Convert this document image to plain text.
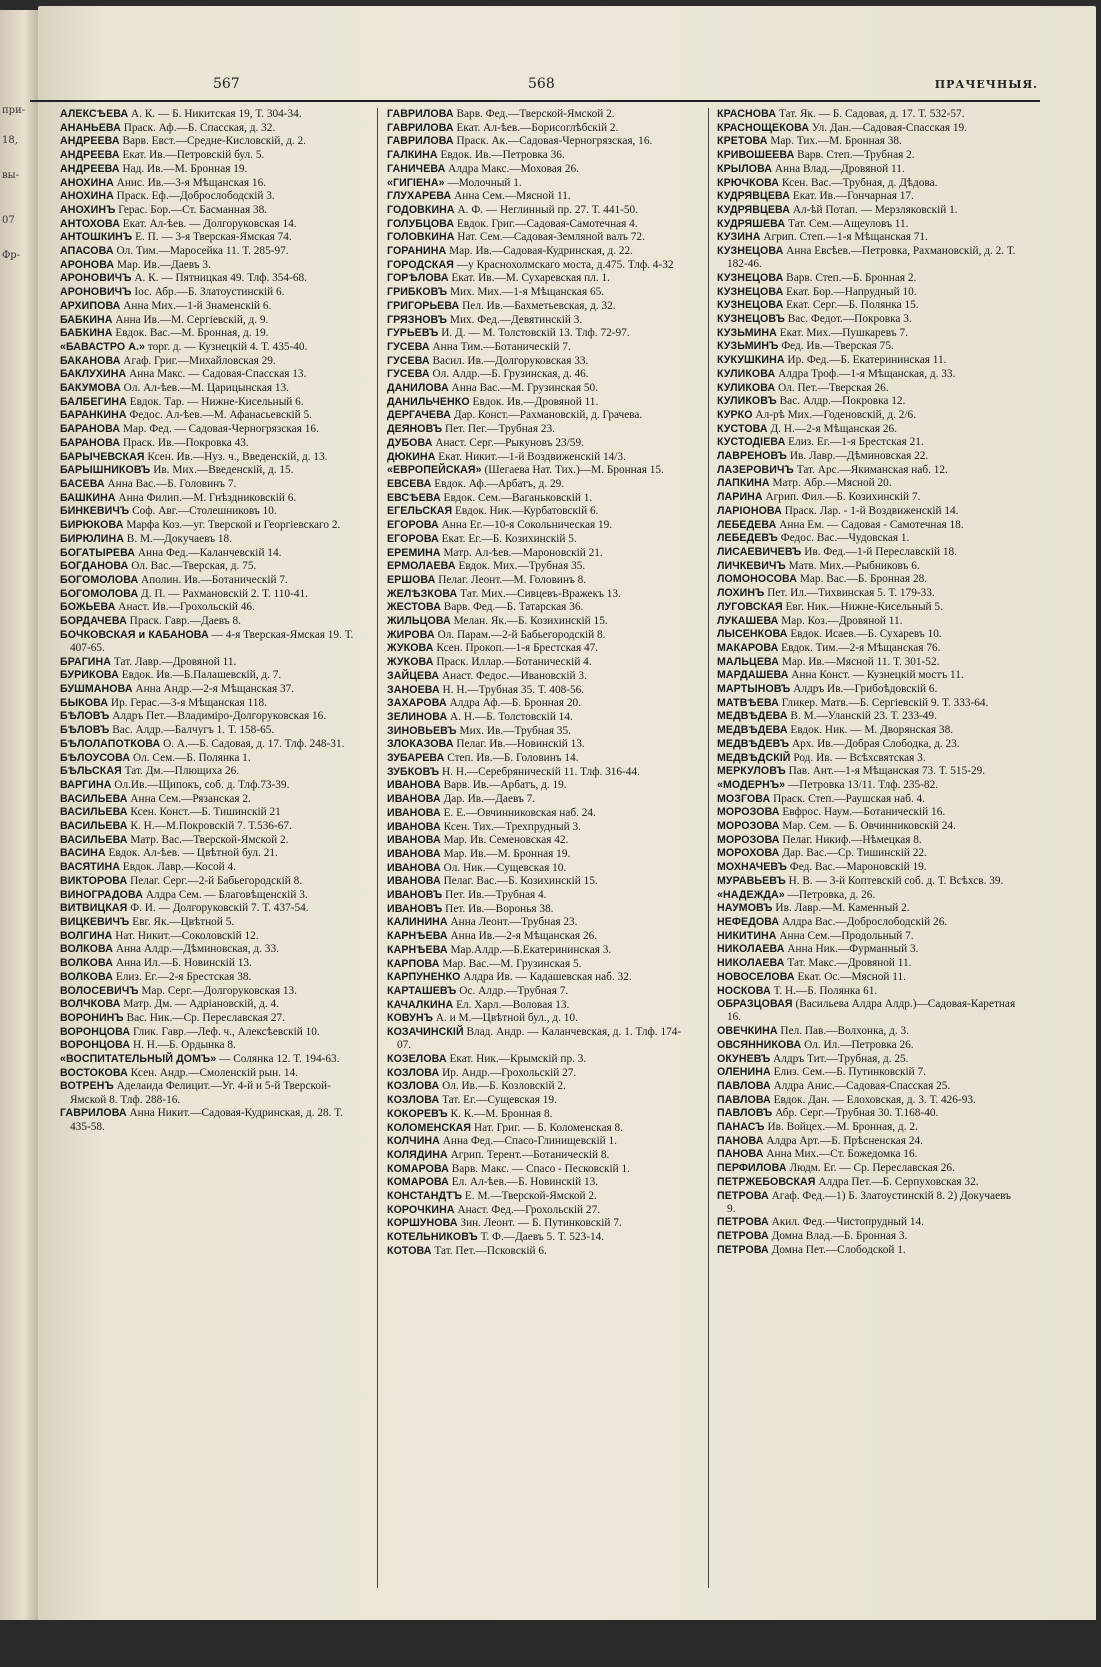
при-
18,
вы-
07
Фр-
567	568	ПРАЧЕЧНЫЯ.
АЛЕКСѢЕВА А. К. — Б. Никитская 19, Т. 304-34.
АНАНЬЕВА Праск. Аф.—Б. Спасская, д. 32.
АНДРЕЕВА Варв. Евст.—Средне-Кисловскій, д. 2.
АНДРЕЕВА Екат. Ив.—Петровскій бул. 5.
АНДРЕЕВА Над. Ив.—М. Бронная 19.
АНОХИНА Анис. Ив.—3-я Мѣщанская 16.
АНОХИНА Праск. Еф.—Доброслободскій 3.
АНОХИНЪ Герас. Бор.—Ст. Басманная 38.
АНТОХОВА Екат. Ал-ѣев. — Долгоруковская 14.
АНТОШКИНЪ Е. П. — 3-я Тверская-Ямская 74.
АПАСОВА Ол. Тим.—Маросейка 11. Т. 285-97.
АРОНОВА Мар. Ив.—Даевъ 3.
АРОНОВИЧЪ А. К. — Пятницкая 49. Тлф. 354-68.
АРОНОВИЧЪ Іос. Абр.—Б. Златоустинскій 6.
АРХИПОВА Анна Мих.—1-й Знаменскій 6.
БАБКИНА Анна Ив.—М. Сергіевскій, д. 9.
БАБКИНА Евдок. Вас.—М. Бронная, д. 19.
«БАВАСТРО А.» торг. д. — Кузнецкій 4. Т. 435-40.
БАКАНОВА Агаф. Григ.—Михайловская 29.
БАКЛУХИНА Анна Макс. — Садовая-Спасская 13.
БАКУМОВА Ол. Ал-ѣев.—М. Царицынская 13.
БАЛБЕГИНА Евдок. Тар. — Нижне-Кисельный 6.
БАРАНКИНА Федос. Ал-ѣев.—М. Афанасьевскій 5.
БАРАНОВА Мар. Фед. — Садовая-Черногрязская 16.
БАРАНОВА Праск. Ив.—Покровка 43.
БАРЫЧЕВСКАЯ Ксен. Ив.—Нуз. ч., Введенскій, д. 13.
БАРЫШНИКОВЪ Ив. Мих.—Введенскій, д. 15.
БАСЕВА Анна Вас.—Б. Головинъ 7.
БАШКИНА Анна Филип.—М. Гнѣздниковскій 6.
БИНКЕВИЧЪ Соф. Авг.—Столешниковъ 10.
БИРЮКОВА Марфа Коз.—уг. Тверской и Георгіевскаго 2.
БИРЮЛИНА В. М.—Докучаевъ 18.
БОГАТЫРЕВА Анна Фед.—Каланчевскій 14.
БОГДАНОВА Ол. Вас.—Тверская, д. 75.
БОГОМОЛОВА Аполин. Ив.—Ботаническій 7.
БОГОМОЛОВА Д. П. — Рахмановскій 2. Т. 110-41.
БОЖЬЕВА Анаст. Ив.—Грохольскій 46.
БОРДАЧЕВА Праск. Гавр.—Даевъ 8.
БОЧКОВСКАЯ и КАБАНОВА — 4-я Тверская-Ямская 19. Т. 407-65.
БРАГИНА Тат. Лавр.—Дровяной 11.
БУРИКОВА Евдок. Ив.—Б.Палашевскій, д. 7.
БУШМАНОВА Анна Андр.—2-я Мѣщанская 37.
БЫКОВА Ир. Герас.—3-я Мѣщанская 118.
БѢЛОВЪ Алдръ Пет.—Владиміро-Долгоруковская 16.
БѢЛОВЪ Вас. Алдр.—Балчугъ 1. Т. 158-65.
БѢЛОЛАПОТКОВА О. А.—Б. Садовая, д. 17. Тлф. 248-31.
БѢЛОУСОВА Ол. Сем.—Б. Полянка 1.
БѢЛЬСКАЯ Тат. Дм.—Плющиха 26.
ВАРГИНА Ол.Ив.—Щипокъ, соб. д. Тлф.73-39.
ВАСИЛЬЕВА Анна Сем.—Рязанская 2.
ВАСИЛЬЕВА Ксен. Конст.—Б. Тишинскій 21
ВАСИЛЬЕВА К. Н.—М.Покровскій 7. Т.536-67.
ВАСИЛЬЕВА Матр. Вас.—Тверской-Ямской 2.
ВАСИНА Евдок. Ал-ѣев. — Цвѣтной бул. 21.
ВАСЯТИНА Евдок. Лавр.—Косой 4.
ВИКТОРОВА Пелаг. Серг.—2-й Бабьегородскій 8.
ВИНОГРАДОВА Алдра Сем. — Благовѣщенскій 3.
ВИТВИЦКАЯ Ф. И. — Долгоруковскій 7. Т. 437-54.
ВИЦКЕВИЧЪ Евг. Як.—Цвѣтной 5.
ВОЛГИНА Нат. Никит.—Соколовскій 12.
ВОЛКОВА Анна Алдр.—Дѣминовская, д. 33.
ВОЛКОВА Анна Ил.—Б. Новинскій 13.
ВОЛКОВА Елиз. Ег.—2-я Брестская 38.
ВОЛОСЕВИЧЪ Мар. Серг.—Долгоруковская 13.
ВОЛЧКОВА Матр. Дм. — Адріановскій, д. 4.
ВОРОНИНЪ Вас. Ник.—Ср. Переславская 27.
ВОРОНЦОВА Глик. Гавр.—Леф. ч., Алексѣевскій 10.
ВОРОНЦОВА Н. Н.—Б. Ордынка 8.
«ВОСПИТАТЕЛЬНЫЙ ДОМЪ» — Солянка 12. Т. 194-63.
ВОСТОКОВА Ксен. Андр.—Смоленскій рын. 14.
ВОТРЕНЪ Аделаида Фелицит.—Уг. 4-й и 5-й Тверской-Ямской 8. Тлф. 288-16.
ГАВРИЛОВА Анна Никит.—Садовая-Кудринская, д. 28. Т. 435-58.
ГАВРИЛОВА Варв. Фед.—Тверской-Ямской 2.
ГАВРИЛОВА Екат. Ал-ѣев.—Борисоглѣбскій 2.
ГАВРИЛОВА Праск. Ак.—Садовая-Черногрязская, 16.
ГАЛКИНА Евдок. Ив.—Петровка 36.
ГАНИЧЕВА Алдра Макс.—Моховая 26.
«ГИГІЕНА» —Молочный 1.
ГЛУХАРЕВА Анна Сем.—Мясной 11.
ГОДОВКИНА А. Ф. — Неглинный пр. 27. Т. 441-50.
ГОЛУБЦОВА Евдок. Григ.—Садовая-Самотечная 4.
ГОЛОВКИНА Нат. Сем.—Садовая-Земляной валъ 72.
ГОРАНИНА Мар. Ив.—Садовая-Кудринская, д. 22.
ГОРОДСКАЯ —у Краснохолмскаго моста, д.475. Тлф. 4-32
ГОРѢЛОВА Екат. Ив.—М. Сухаревская пл. 1.
ГРИБКОВЪ Мих. Мих.—1-я Мѣщанская 65.
ГРИГОРЬЕВА Пел. Ив.—Бахметьевская, д. 32.
ГРЯЗНОВЪ Мих. Фед.—Девятинскій 3.
ГУРЬЕВЪ И. Д. — М. Толстовскій 13. Тлф. 72-97.
ГУСЕВА Анна Тим.—Ботаническій 7.
ГУСЕВА Васил. Ив.—Долгоруковская 33.
ГУСЕВА Ол. Алдр.—Б. Грузинская, д. 46.
ДАНИЛОВА Анна Вас.—М. Грузинская 50.
ДАНИЛЬЧЕНКО Евдок. Ив.—Дровяной 11.
ДЕРГАЧЕВА Дар. Конст.—Рахмановскій, д. Грачева.
ДЕЯНОВЪ Пет. Пег.—Трубная 23.
ДУБОВА Анаст. Серг.—Рыкуновъ 23/59.
ДЮКИНА Екат. Никит.—1-й Воздвиженскій 14/3.
«ЕВРОПЕЙСКАЯ» (Шегаева Нат. Тих.)—М. Бронная 15.
ЕВСЕВА Евдок. Аф.—Арбатъ, д. 29.
ЕВСѢЕВА Евдок. Сем.—Ваганьковскій 1.
ЕГЕЛЬСКАЯ Евдок. Ник.—Курбатовскій 6.
ЕГОРОВА Анна Ег.—10-я Сокольническая 19.
ЕГОРОВА Екат. Ег.—Б. Козихинскій 5.
ЕРЕМИНА Матр. Ал-ѣев.—Мароновскій 21.
ЕРМОЛАЕВА Евдок. Мих.—Трубная 35.
ЕРШОВА Пелаг. Леонт.—М. Головинъ 8.
ЖЕЛѢЗКОВА Тат. Мих.—Сивцевъ-Вражекъ 13.
ЖЕСТОВА Варв. Фед.—Б. Татарская 36.
ЖИЛЬЦОВА Мелан. Як.—Б. Козихинскій 15.
ЖИРОВА Ол. Парам.—2-й Бабьегородскій 8.
ЖУКОВА Ксен. Прокоп.—1-я Брестская 47.
ЖУКОВА Праск. Иллар.—Ботаническій 4.
ЗАЙЦЕВА Анаст. Федос.—Ивановскій 3.
ЗАНОЕВА Н. Н.—Трубная 35. Т. 408-56.
ЗАХАРОВА Алдра Аф.—Б. Бронная 20.
ЗЕЛИНОВА А. Н.—Б. Толстовскій 14.
ЗИНОВЬЕВЪ Мих. Ив.—Трубная 35.
ЗЛОКАЗОВА Пелаг. Ив.—Новинскій 13.
ЗУБАРЕВА Степ. Ив.—Б. Головинъ 14.
ЗУБКОВЪ Н. Н.—Серебряническій 11. Тлф. 316-44.
ИВАНОВА Варв. Ив.—Арбатъ, д. 19.
ИВАНОВА Дар. Ив.—Даевъ 7.
ИВАНОВА Е. Е.—Овчинниковская наб. 24.
ИВАНОВА Ксен. Тих.—Трехпрудный 3.
ИВАНОВА Мар. Ив. Семеновская 42.
ИВАНОВА Мар. Ив.—М. Бронная 19.
ИВАНОВА Ол. Ник.—Сущевская 10.
ИВАНОВА Пелаг. Вас.—Б. Козихинскій 15.
ИВАНОВЪ Пет. Ив.—Трубная 4.
ИВАНОВЪ Пет. Ив.—Воронья 38.
КАЛИНИНА Анна Леонт.—Трубная 23.
КАРНѢЕВА Анна Ив.—2-я Мѣщанская 26.
КАРНѢЕВА Мар.Алдр.—Б.Екатерининская 3.
КАРПОВА Мар. Вас.—М. Грузинская 5.
КАРПУНЕНКО Алдра Ив. — Кадашевская наб. 32.
КАРТАШЕВЪ Ос. Алдр.—Трубная 7.
КАЧАЛКИНА Ел. Харл.—Воловая 13.
КОВУНЪ А. и М.—Цвѣтной бул., д. 10.
КОЗАЧИНСКІЙ Влад. Андр. — Каланчевская, д. 1. Тлф. 174-07.
КОЗЕЛОВА Екат. Ник.—Крымскій пр. 3.
КОЗЛОВА Ир. Андр.—Грохольскій 27.
КОЗЛОВА Ол. Ив.—Б. Козловскій 2.
КОЗЛОВА Тат. Ег.—Сущевская 19.
КОКОРЕВЪ К. К.—М. Бронная 8.
КОЛОМЕНСКАЯ Нат. Григ. — Б. Коломенская 8.
КОЛЧИНА Анна Фед.—Спасо-Глинищевскій 1.
КОЛЯДИНА Агрип. Терент.—Ботаническій 8.
КОМАРОВА Варв. Макс. — Спасо - Песковскій 1.
КОМАРОВА Ел. Ал-ѣев.—Б. Новинскій 13.
КОНСТАНДТЪ Е. М.—Тверской-Ямской 2.
КОРОЧКИНА Анаст. Фед.—Грохольскій 27.
КОРШУНОВА Зин. Леонт. — Б. Путинковскій 7.
КОТЕЛЬНИКОВЪ Т. Ф.—Даевъ 5. Т. 523-14.
КОТОВА Тат. Пет.—Псковскій 6.
КРАСНОВА Тат. Як. — Б. Садовая, д. 17. Т. 532-57.
КРАСНОЩЕКОВА Ул. Дан.—Садовая-Спасская 19.
КРЕТОВА Мар. Тих.—М. Бронная 38.
КРИВОШЕЕВА Варв. Степ.—Трубная 2.
КРЫЛОВА Анна Влад.—Дровяной 11.
КРЮЧКОВА Ксен. Вас.—Трубная, д. Дѣдова.
КУДРЯВЦЕВА Екат. Ив.—Гончарная 17.
КУДРЯВЦЕВА Ал-ѣй Потап. — Мерзляковскій 1.
КУДРЯШЕВА Тат. Сем.—Ащеуловъ 11.
КУЗИНА Агрип. Степ.—1-я Мѣщанская 71.
КУЗНЕЦОВА Анна Евсѣев.—Петровка, Рахмановскій, д. 2. Т. 182-46.
КУЗНЕЦОВА Варв. Степ.—Б. Бронная 2.
КУЗНЕЦОВА Екат. Бор.—Напрудный 10.
КУЗНЕЦОВА Екат. Серг.—Б. Полянка 15.
КУЗНЕЦОВЪ Вас. Федот.—Покровка 3.
КУЗЬМИНА Екат. Мих.—Пушкаревъ 7.
КУЗЬМИНЪ Фед. Ив.—Тверская 75.
КУКУШКИНА Ир. Фед.—Б. Екатерининская 11.
КУЛИКОВА Алдра Троф.—1-я Мѣщанская, д. 33.
КУЛИКОВА Ол. Пет.—Тверская 26.
КУЛИКОВЪ Вас. Алдр.—Покровка 12.
КУРКО Ал-рѣ Мих.—Годеновскій, д. 2/6.
КУСТОВА Д. Н.—2-я Мѣщанская 26.
КУСТОДІЕВА Елиз. Ег.—1-я Брестская 21.
ЛАВРЕНОВЪ Ив. Лавр.—Дѣминовская 22.
ЛАЗЕРОВИЧЪ Тат. Арс.—Якиманская наб. 12.
ЛАПКИНА Матр. Абр.—Мясной 20.
ЛАРИНА Агрип. Фил.—Б. Козихинскій 7.
ЛАРІОНОВА Праск. Лар. - 1-й Воздвиженскій 14.
ЛЕБЕДЕВА Анна Ем. — Садовая - Самотечная 18.
ЛЕБЕДЕВЪ Федос. Вас.—Чудовская 1.
ЛИСАЕВИЧЕВЪ Ив. Фед.—1-й Переславскій 18.
ЛИЧКЕВИЧЪ Матв. Мих.—Рыбниковъ 6.
ЛОМОНОСОВА Мар. Вас.—Б. Бронная 28.
ЛОХИНЪ Пет. Ил.—Тихвинская 5. Т. 179-33.
ЛУГОВСКАЯ Евг. Ник.—Нижне-Кисельный 5.
ЛУКАШЕВА Мар. Коз.—Дровяной 11.
ЛЫСЕНКОВА Евдок. Исаев.—Б. Сухаревъ 10.
МАКАРОВА Евдок. Тим.—2-я Мѣщанская 76.
МАЛЬЦЕВА Мар. Ив.—Мясной 11. Т. 301-52.
МАРДАШЕВА Анна Конст. — Кузнецкій мостъ 11.
МАРТЫНОВЪ Алдръ Ив.—Грибоѣдовскій 6.
МАТВѢЕВА Гликер. Матв.—Б. Сергіевскій 9. Т. 333-64.
МЕДВѢДЕВА В. М.—Уланскій 23. Т. 233-49.
МЕДВѢДЕВА Евдок. Ник. — М. Дворянская 38.
МЕДВѢДЕВЪ Арх. Ив.—Добрая Слободка, д. 23.
МЕДВѢДСКІЙ Род. Ив. — Всѣхсвятская 3.
МЕРКУЛОВЪ Пав. Ант.—1-я Мѣщанская 73. Т. 515-29.
«МОДЕРНЪ» —Петровка 13/11. Тлф. 235-82.
МОЗГОВА Праск. Степ.—Раушская наб. 4.
МОРОЗОВА Евфрос. Наум.—Ботаническій 16.
МОРОЗОВА Мар. Сем. — Б. Овчинниковскій 24.
МОРОЗОВА Пелаг. Никиф.—Нѣмецкая 8.
МОРОХОВА Дар. Вас.—Ср. Тишинскій 22.
МОХНАЧЕВЪ Фед. Вас.—Мароновскій 19.
МУРАВЬЕВЪ Н. В. — 3-й Коптевскій соб. д. Т. Всѣхсв. 39.
«НАДЕЖДА» —Петровка, д. 26.
НАУМОВЪ Ив. Лавр.—М. Каменный 2.
НЕФЕДОВА Алдра Вас.—Доброслободскій 26.
НИКИТИНА Анна Сем.—Продольный 7.
НИКОЛАЕВА Анна Ник.—Фурманный 3.
НИКОЛАЕВА Тат. Макс.—Дровяной 11.
НОВОСЕЛОВА Екат. Ос.—Мясной 11.
НОСКОВА Т. Н.—Б. Полянка 61.
ОБРАЗЦОВАЯ (Васильева Алдра Алдр.)—Садовая-Каретная 16.
ОВЕЧКИНА Пел. Пав.—Волхонка, д. 3.
ОВСЯННИКОВА Ол. Ил.—Петровка 26.
ОКУНЕВЪ Алдръ Тит.—Трубная, д. 25.
ОЛЕНИНА Елиз. Сем.—Б. Путинковскій 7.
ПАВЛОВА Алдра Анис.—Садовая-Спасская 25.
ПАВЛОВА Евдок. Дан. — Елоховская, д. 3. Т. 426-93.
ПАВЛОВЪ Абр. Серг.—Трубная 30. Т.168-40.
ПАНАСЪ Ив. Войцех.—М. Бронная, д. 2.
ПАНОВА Алдра Арт.—Б. Прѣсненская 24.
ПАНОВА Анна Мих.—Ст. Божедомка 16.
ПЕРФИЛОВА Людм. Ег. — Ср. Переславская 26.
ПЕТРЖЕБОВСКАЯ Алдра Пет.—Б. Серпуховская 32.
ПЕТРОВА Агаф. Фед.—1) Б. Златоустинскій 8. 2) Докучаевъ 9.
ПЕТРОВА Акил. Фед.—Чистопрудный 14.
ПЕТРОВА Домна Влад.—Б. Бронная 3.
ПЕТРОВА Домна Пет.—Слободской 1.
